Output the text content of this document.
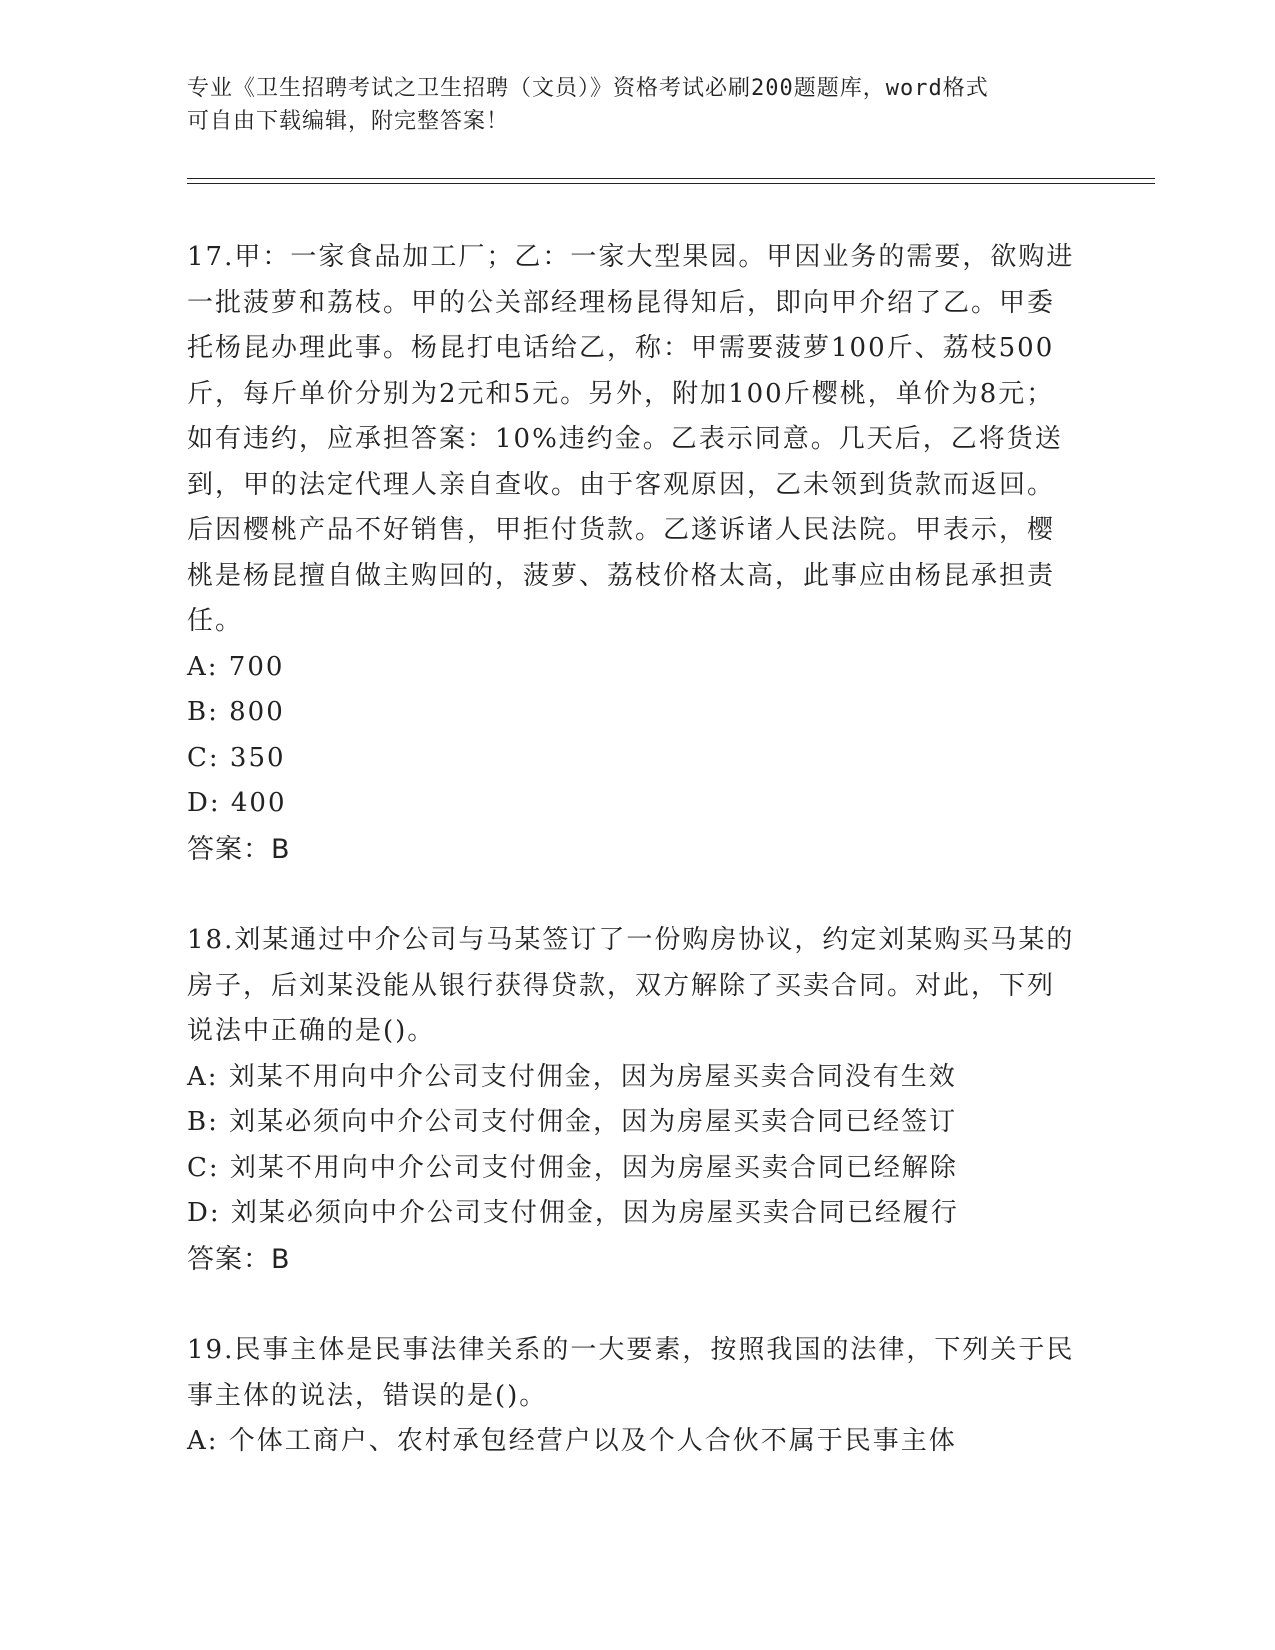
专业《卫生招聘考试之卫生招聘（文员）》资格考试必刷200题题库，word格式
可自由下载编辑，附完整答案！

17.甲：一家食品加工厂；乙：一家大型果园。甲因业务的需要，欲购进一批菠萝和荔枝。甲的公关部经理杨昆得知后，即向甲介绍了乙。甲委托杨昆办理此事。杨昆打电话给乙，称：甲需要菠萝100斤、荔枝500斤，每斤单价分别为2元和5元。另外，附加100斤樱桃，单价为8元；如有违约，应承担答案：10%违约金。乙表示同意。几天后，乙将货送到，甲的法定代理人亲自查收。由于客观原因，乙未领到货款而返回。后因樱桃产品不好销售，甲拒付货款。乙遂诉诸人民法院。甲表示，樱桃是杨昆擅自做主购回的，菠萝、荔枝价格太高，此事应由杨昆承担责任。

A: 700

B: 800

C: 350

D: 400

答案：B

18.刘某通过中介公司与马某签订了一份购房协议，约定刘某购买马某的房子，后刘某没能从银行获得贷款，双方解除了买卖合同。对此，下列说法中正确的是()。

A: 刘某不用向中介公司支付佣金，因为房屋买卖合同没有生效

B: 刘某必须向中介公司支付佣金，因为房屋买卖合同已经签订

C: 刘某不用向中介公司支付佣金，因为房屋买卖合同已经解除

D: 刘某必须向中介公司支付佣金，因为房屋买卖合同已经履行

答案：B

19.民事主体是民事法律关系的一大要素，按照我国的法律，下列关于民事主体的说法，错误的是()。

A: 个体工商户、农村承包经营户以及个人合伙不属于民事主体
